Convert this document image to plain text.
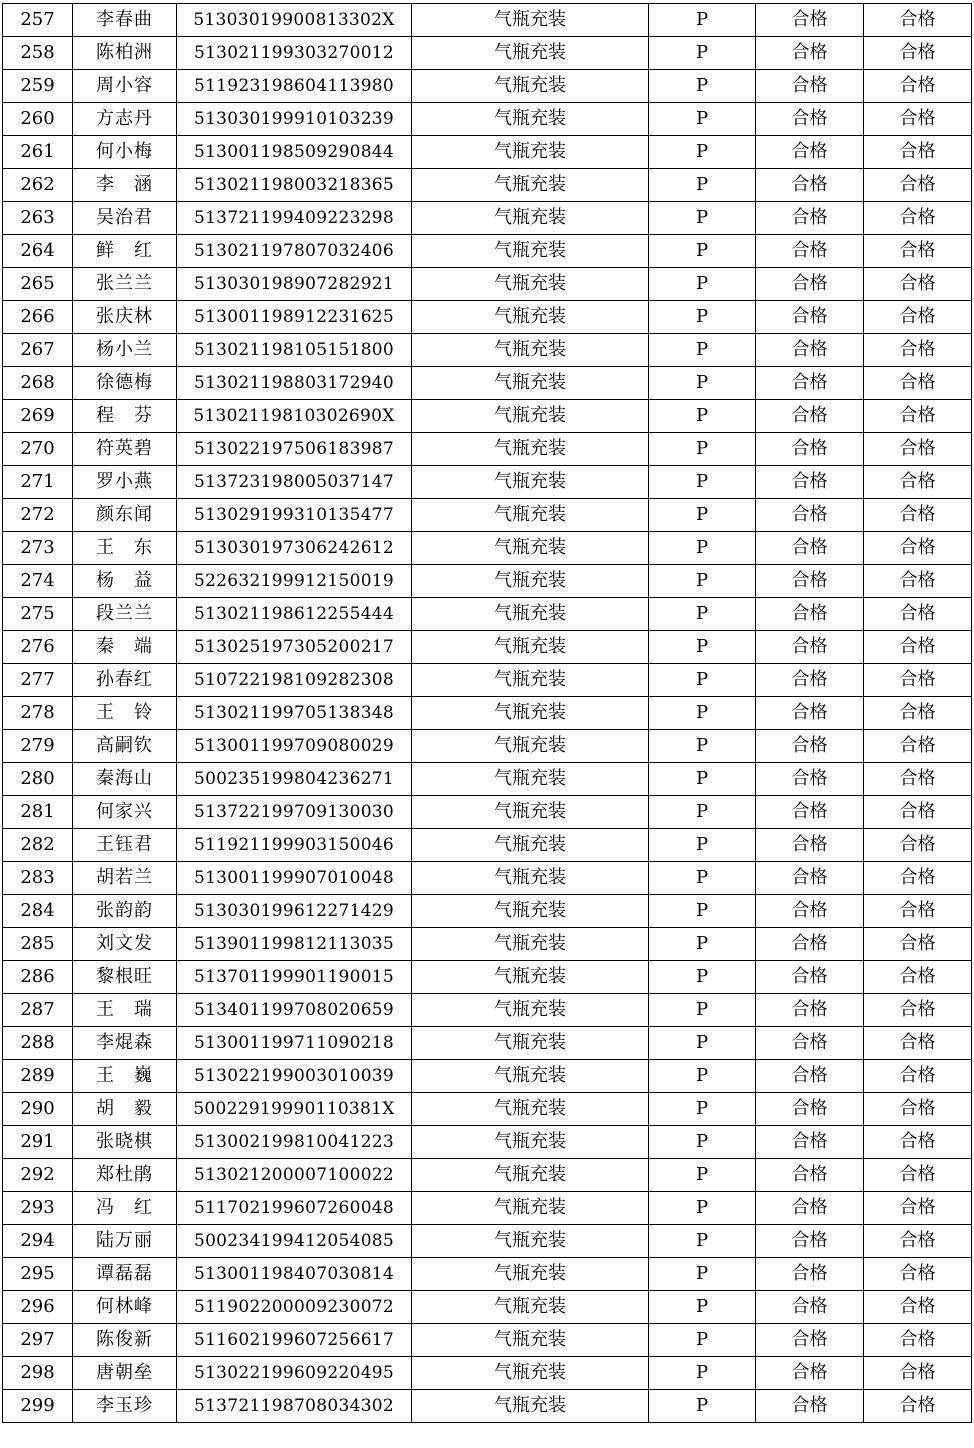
257	李春曲	51303019900813302X	气瓶充装	P	合格	合格
258	陈柏洲	513021199303270012	气瓶充装	P	合格	合格
259	周小容	511923198604113980	气瓶充装	P	合格	合格
260	方志丹	513030199910103239	气瓶充装	P	合格	合格
261	何小梅	513001198509290844	气瓶充装	P	合格	合格
262	李　涵	513021198003218365	气瓶充装	P	合格	合格
263	吴治君	513721199409223298	气瓶充装	P	合格	合格
264	鲜　红	513021197807032406	气瓶充装	P	合格	合格
265	张兰兰	513030198907282921	气瓶充装	P	合格	合格
266	张庆林	513001198912231625	气瓶充装	P	合格	合格
267	杨小兰	513021198105151800	气瓶充装	P	合格	合格
268	徐德梅	513021198803172940	气瓶充装	P	合格	合格
269	程　芬	51302119810302690X	气瓶充装	P	合格	合格
270	符英碧	513022197506183987	气瓶充装	P	合格	合格
271	罗小燕	513723198005037147	气瓶充装	P	合格	合格
272	颜东闻	513029199310135477	气瓶充装	P	合格	合格
273	王　东	513030197306242612	气瓶充装	P	合格	合格
274	杨　益	522632199912150019	气瓶充装	P	合格	合格
275	段兰兰	513021198612255444	气瓶充装	P	合格	合格
276	秦　端	513025197305200217	气瓶充装	P	合格	合格
277	孙春红	510722198109282308	气瓶充装	P	合格	合格
278	王　铃	513021199705138348	气瓶充装	P	合格	合格
279	高嗣钦	513001199709080029	气瓶充装	P	合格	合格
280	秦海山	500235199804236271	气瓶充装	P	合格	合格
281	何家兴	513722199709130030	气瓶充装	P	合格	合格
282	王钰君	511921199903150046	气瓶充装	P	合格	合格
283	胡若兰	513001199907010048	气瓶充装	P	合格	合格
284	张韵韵	513030199612271429	气瓶充装	P	合格	合格
285	刘文发	513901199812113035	气瓶充装	P	合格	合格
286	黎根旺	513701199901190015	气瓶充装	P	合格	合格
287	王　瑞	513401199708020659	气瓶充装	P	合格	合格
288	李焜森	513001199711090218	气瓶充装	P	合格	合格
289	王　巍	513022199003010039	气瓶充装	P	合格	合格
290	胡　毅	50022919990110381X	气瓶充装	P	合格	合格
291	张晓棋	513002199810041223	气瓶充装	P	合格	合格
292	郑杜鹃	513021200007100022	气瓶充装	P	合格	合格
293	冯　红	511702199607260048	气瓶充装	P	合格	合格
294	陆万丽	500234199412054085	气瓶充装	P	合格	合格
295	谭磊磊	513001198407030814	气瓶充装	P	合格	合格
296	何林峰	511902200009230072	气瓶充装	P	合格	合格
297	陈俊新	511602199607256617	气瓶充装	P	合格	合格
298	唐朝垒	513022199609220495	气瓶充装	P	合格	合格
299	李玉珍	513721198708034302	气瓶充装	P	合格	合格
